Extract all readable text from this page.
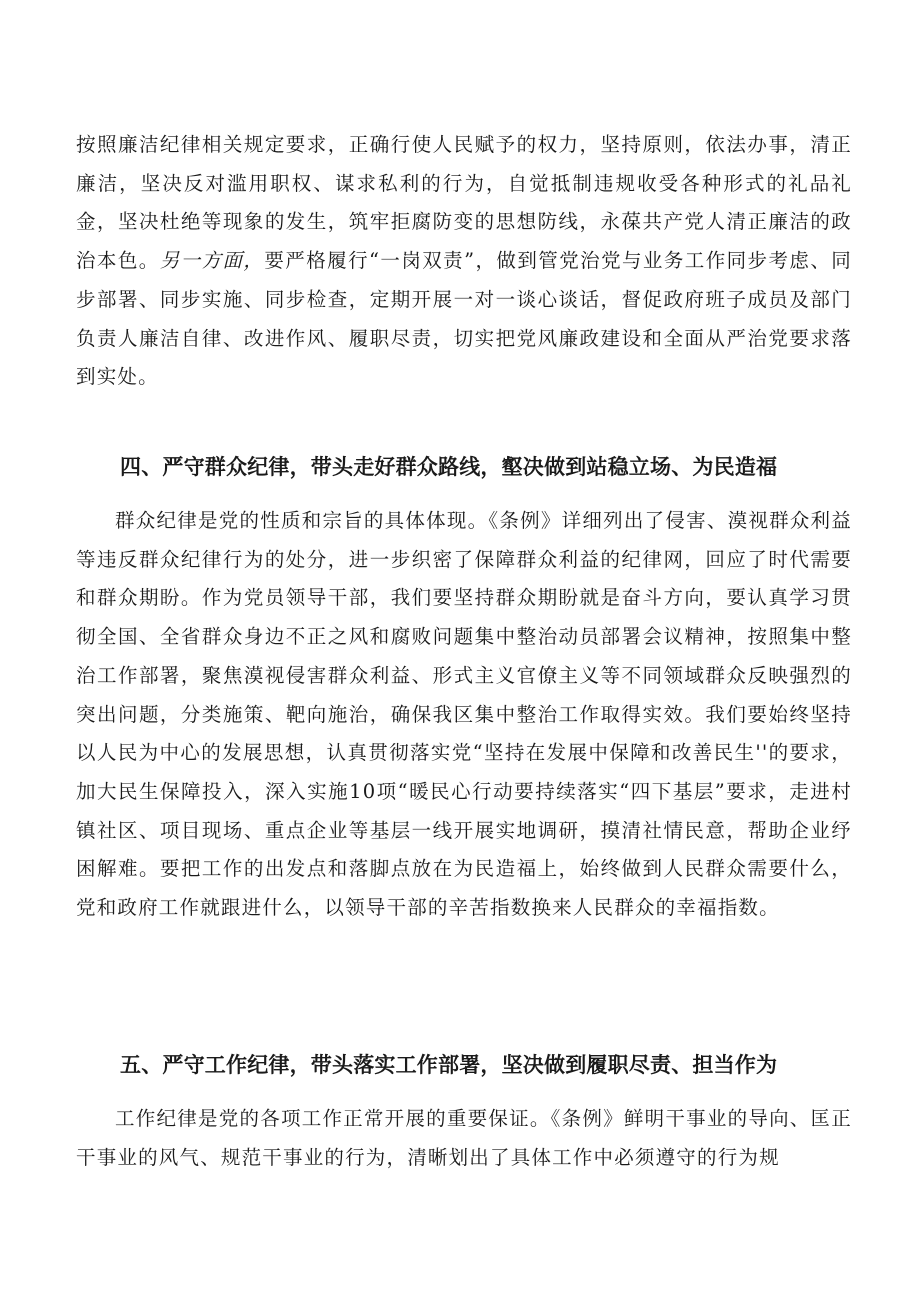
按照廉洁纪律相关规定要求，正确行使人民赋予的权力，坚持原则，依法办事，清正廉洁，坚决反对滥用职权、谋求私利的行为，自觉抵制违规收受各种形式的礼品礼金，坚决杜绝等现象的发生，筑牢拒腐防变的思想防线，永葆共产党人清正廉洁的政治本色。另一方面，要严格履行“一岗双责”，做到管党治党与业务工作同步考虑、同步部署、同步实施、同步检查，定期开展一对一谈心谈话，督促政府班子成员及部门负责人廉洁自律、改进作风、履职尽责，切实把党风廉政建设和全面从严治党要求落到实处。

四、严守群众纪律，带头走好群众路线，壑决做到站稳立场、为民造福

群众纪律是党的性质和宗旨的具体体现。《条例》详细列出了侵害、漠视群众利益等违反群众纪律行为的处分，进一步织密了保障群众利益的纪律网，回应了时代需要和群众期盼。作为党员领导干部，我们要坚持群众期盼就是奋斗方向，要认真学习贯彻全国、全省群众身边不正之风和腐败问题集中整治动员部署会议精神，按照集中整治工作部署，聚焦漠视侵害群众利益、形式主义官僚主义等不同领域群众反映强烈的突出问题，分类施策、靶向施治，确保我区集中整治工作取得实效。我们要始终坚持以人民为中心的发展思想，认真贯彻落实党“坚持在发展中保障和改善民生''的要求，加大民生保障投入，深入实施10项“暖民心行动要持续落实“四下基层”要求，走进村镇社区、项目现场、重点企业等基层一线开展实地调研，摸清社情民意，帮助企业纾困解难。要把工作的出发点和落脚点放在为民造福上，始终做到人民群众需要什么，党和政府工作就跟进什么，以领导干部的辛苦指数换来人民群众的幸福指数。

五、严守工作纪律，带头落实工作部署，坚决做到履职尽责、担当作为

工作纪律是党的各项工作正常开展的重要保证。《条例》鲜明干事业的导向、匡正干事业的风气、规范干事业的行为，清晰划出了具体工作中必须遵守的行为规
